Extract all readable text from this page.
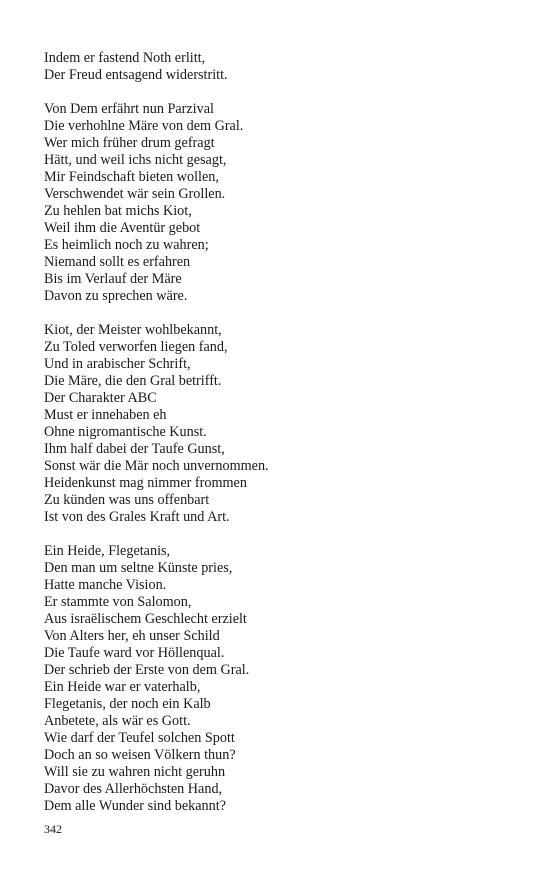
Indem er fastend Noth erlitt,
Der Freud entsagend widerstritt.
Von Dem erfährt nun Parzival
Die verhohlne Märe von dem Gral.
Wer mich früher drum gefragt
Hätt, und weil ichs nicht gesagt,
Mir Feindschaft bieten wollen,
Verschwendet wär sein Grollen.
Zu hehlen bat michs Kiot,
Weil ihm die Aventür gebot
Es heimlich noch zu wahren;
Niemand sollt es erfahren
Bis im Verlauf der Märe
Davon zu sprechen wäre.
Kiot, der Meister wohlbekannt,
Zu Toled verworfen liegen fand,
Und in arabischer Schrift,
Die Märe, die den Gral betrifft.
Der Charakter ABC
Must er innehaben eh
Ohne nigromantische Kunst.
Ihm half dabei der Taufe Gunst,
Sonst wär die Mär noch unvernommen.
Heidenkunst mag nimmer frommen
Zu künden was uns offenbart
Ist von des Grales Kraft und Art.
Ein Heide, Flegetanis,
Den man um seltne Künste pries,
Hatte manche Vision.
Er stammte von Salomon,
Aus israëlischem Geschlecht erzielt
Von Alters her, eh unser Schild
Die Taufe ward vor Höllenqual.
Der schrieb der Erste von dem Gral.
Ein Heide war er vaterhalb,
Flegetanis, der noch ein Kalb
Anbetete, als wär es Gott.
Wie darf der Teufel solchen Spott
Doch an so weisen Völkern thun?
Will sie zu wahren nicht geruhn
Davor des Allerhöchsten Hand,
Dem alle Wunder sind bekannt?
342
